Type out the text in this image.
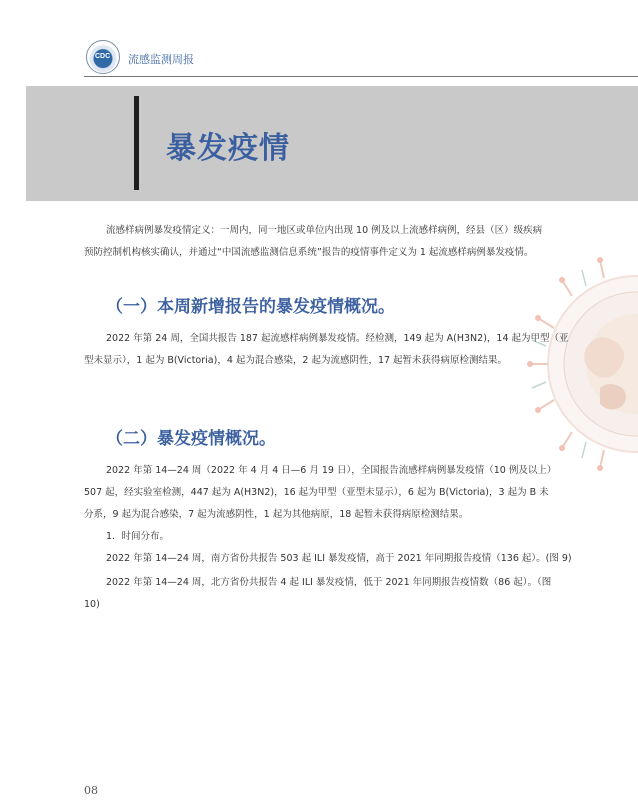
CDC 流感监测周报
暴发疫情
流感样病例暴发疫情定义：一周内，同一地区或单位内出现 10 例及以上流感样病例，经县（区）级疾病
预防控制机构核实确认，并通过“中国流感监测信息系统”报告的疫情事件定义为 1 起流感样病例暴发疫情。
（一）本周新增报告的暴发疫情概况。
2022 年第 24 周，全国共报告 187 起流感样病例暴发疫情。经检测，149 起为 A(H3N2)，14 起为甲型（亚
型未显示），1 起为 B(Victoria)，4 起为混合感染，2 起为流感阴性，17 起暂未获得病原检测结果。
（二）暴发疫情概况。
2022 年第 14—24 周（2022 年 4 月 4 日—6 月 19 日），全国报告流感样病例暴发疫情（10 例及以上）
507 起，经实验室检测，447 起为 A(H3N2)，16 起为甲型（亚型未显示），6 起为 B(Victoria)，3 起为 B 未
分系，9 起为混合感染，7 起为流感阴性，1 起为其他病原，18 起暂未获得病原检测结果。
1．时间分布。
2022 年第 14—24 周，南方省份共报告 503 起 ILI 暴发疫情，高于 2021 年同期报告疫情（136 起）。(图 9)
2022 年第 14—24 周，北方省份共报告 4 起 ILI 暴发疫情，低于 2021 年同期报告疫情数（86 起）。（图
10)
08
